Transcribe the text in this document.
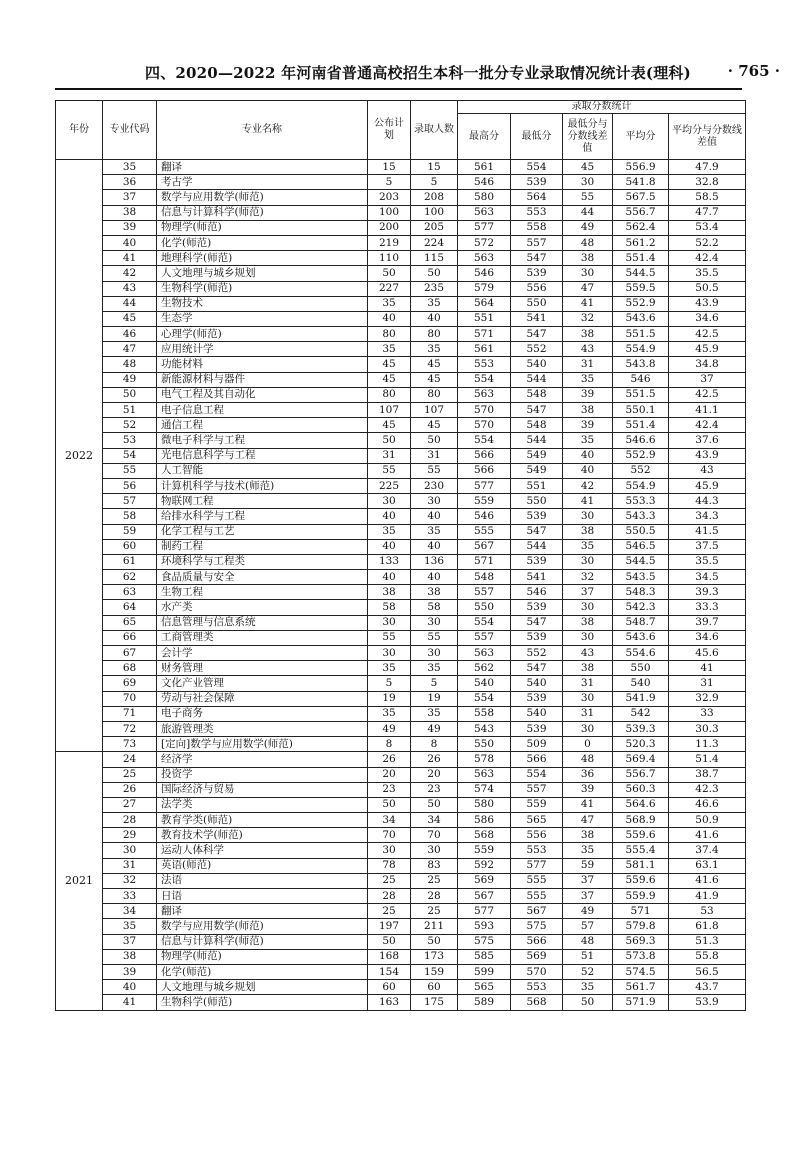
四、2020—2022 年河南省普通高校招生本科一批分专业录取情况统计表(理科) · 765 ·
年份	专业代码	专业名称	公布计划	录取人数	录取分数统计				
					最高分	最低分	最低分与分数线差值	平均分	平均分与分数线差值
2022	35	翻译	15	15	561	554	45	556.9	47.9
	36	考古学	5	5	546	539	30	541.8	32.8
	37	数学与应用数学(师范)	203	208	580	564	55	567.5	58.5
	38	信息与计算科学(师范)	100	100	563	553	44	556.7	47.7
	39	物理学(师范)	200	205	577	558	49	562.4	53.4
	40	化学(师范)	219	224	572	557	48	561.2	52.2
	41	地理科学(师范)	110	115	563	547	38	551.4	42.4
	42	人文地理与城乡规划	50	50	546	539	30	544.5	35.5
	43	生物科学(师范)	227	235	579	556	47	559.5	50.5
	44	生物技术	35	35	564	550	41	552.9	43.9
	45	生态学	40	40	551	541	32	543.6	34.6
	46	心理学(师范)	80	80	571	547	38	551.5	42.5
	47	应用统计学	35	35	561	552	43	554.9	45.9
	48	功能材料	45	45	553	540	31	543.8	34.8
	49	新能源材料与器件	45	45	554	544	35	546	37
	50	电气工程及其自动化	80	80	563	548	39	551.5	42.5
	51	电子信息工程	107	107	570	547	38	550.1	41.1
	52	通信工程	45	45	570	548	39	551.4	42.4
	53	微电子科学与工程	50	50	554	544	35	546.6	37.6
	54	光电信息科学与工程	31	31	566	549	40	552.9	43.9
	55	人工智能	55	55	566	549	40	552	43
	56	计算机科学与技术(师范)	225	230	577	551	42	554.9	45.9
	57	物联网工程	30	30	559	550	41	553.3	44.3
	58	给排水科学与工程	40	40	546	539	30	543.3	34.3
	59	化学工程与工艺	35	35	555	547	38	550.5	41.5
	60	制药工程	40	40	567	544	35	546.5	37.5
	61	环境科学与工程类	133	136	571	539	30	544.5	35.5
	62	食品质量与安全	40	40	548	541	32	543.5	34.5
	63	生物工程	38	38	557	546	37	548.3	39.3
	64	水产类	58	58	550	539	30	542.3	33.3
	65	信息管理与信息系统	30	30	554	547	38	548.7	39.7
	66	工商管理类	55	55	557	539	30	543.6	34.6
	67	会计学	30	30	563	552	43	554.6	45.6
	68	财务管理	35	35	562	547	38	550	41
	69	文化产业管理	5	5	540	540	31	540	31
	70	劳动与社会保障	19	19	554	539	30	541.9	32.9
	71	电子商务	35	35	558	540	31	542	33
	72	旅游管理类	49	49	543	539	30	539.3	30.3
	73	[定向]数学与应用数学(师范)	8	8	550	509	0	520.3	11.3
2021	24	经济学	26	26	578	566	48	569.4	51.4
	25	投资学	20	20	563	554	36	556.7	38.7
	26	国际经济与贸易	23	23	574	557	39	560.3	42.3
	27	法学类	50	50	580	559	41	564.6	46.6
	28	教育学类(师范)	34	34	586	565	47	568.9	50.9
	29	教育技术学(师范)	70	70	568	556	38	559.6	41.6
	30	运动人体科学	30	30	559	553	35	555.4	37.4
	31	英语(师范)	78	83	592	577	59	581.1	63.1
	32	法语	25	25	569	555	37	559.6	41.6
	33	日语	28	28	567	555	37	559.9	41.9
	34	翻译	25	25	577	567	49	571	53
	35	数学与应用数学(师范)	197	211	593	575	57	579.8	61.8
	37	信息与计算科学(师范)	50	50	575	566	48	569.3	51.3
	38	物理学(师范)	168	173	585	569	51	573.8	55.8
	39	化学(师范)	154	159	599	570	52	574.5	56.5
	40	人文地理与城乡规划	60	60	565	553	35	561.7	43.7
	41	生物科学(师范)	163	175	589	568	50	571.9	53.9
